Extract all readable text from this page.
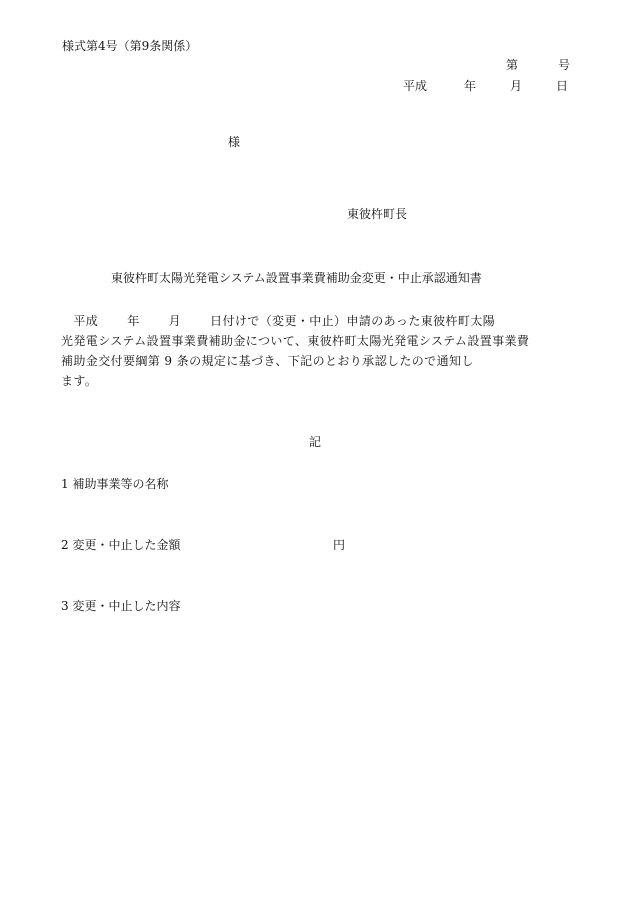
様式第4号（第9条関係）
第	号
平成	年	月	日
様
東彼杵町長
東彼杵町太陽光発電システム設置事業費補助金変更・中止承認通知書
　平成　　 年　　 月　　 日付けで（変更・中止）申請のあった東彼杵町太陽
光発電システム設置事業費補助金について、東彼杵町太陽光発電システム設置事業費
補助金交付要綱第 9 条の規定に基づき、下記のとおり承認したので通知し
ます。
記
1 補助事業等の名称
2 変更・中止した金額	円
3 変更・中止した内容
